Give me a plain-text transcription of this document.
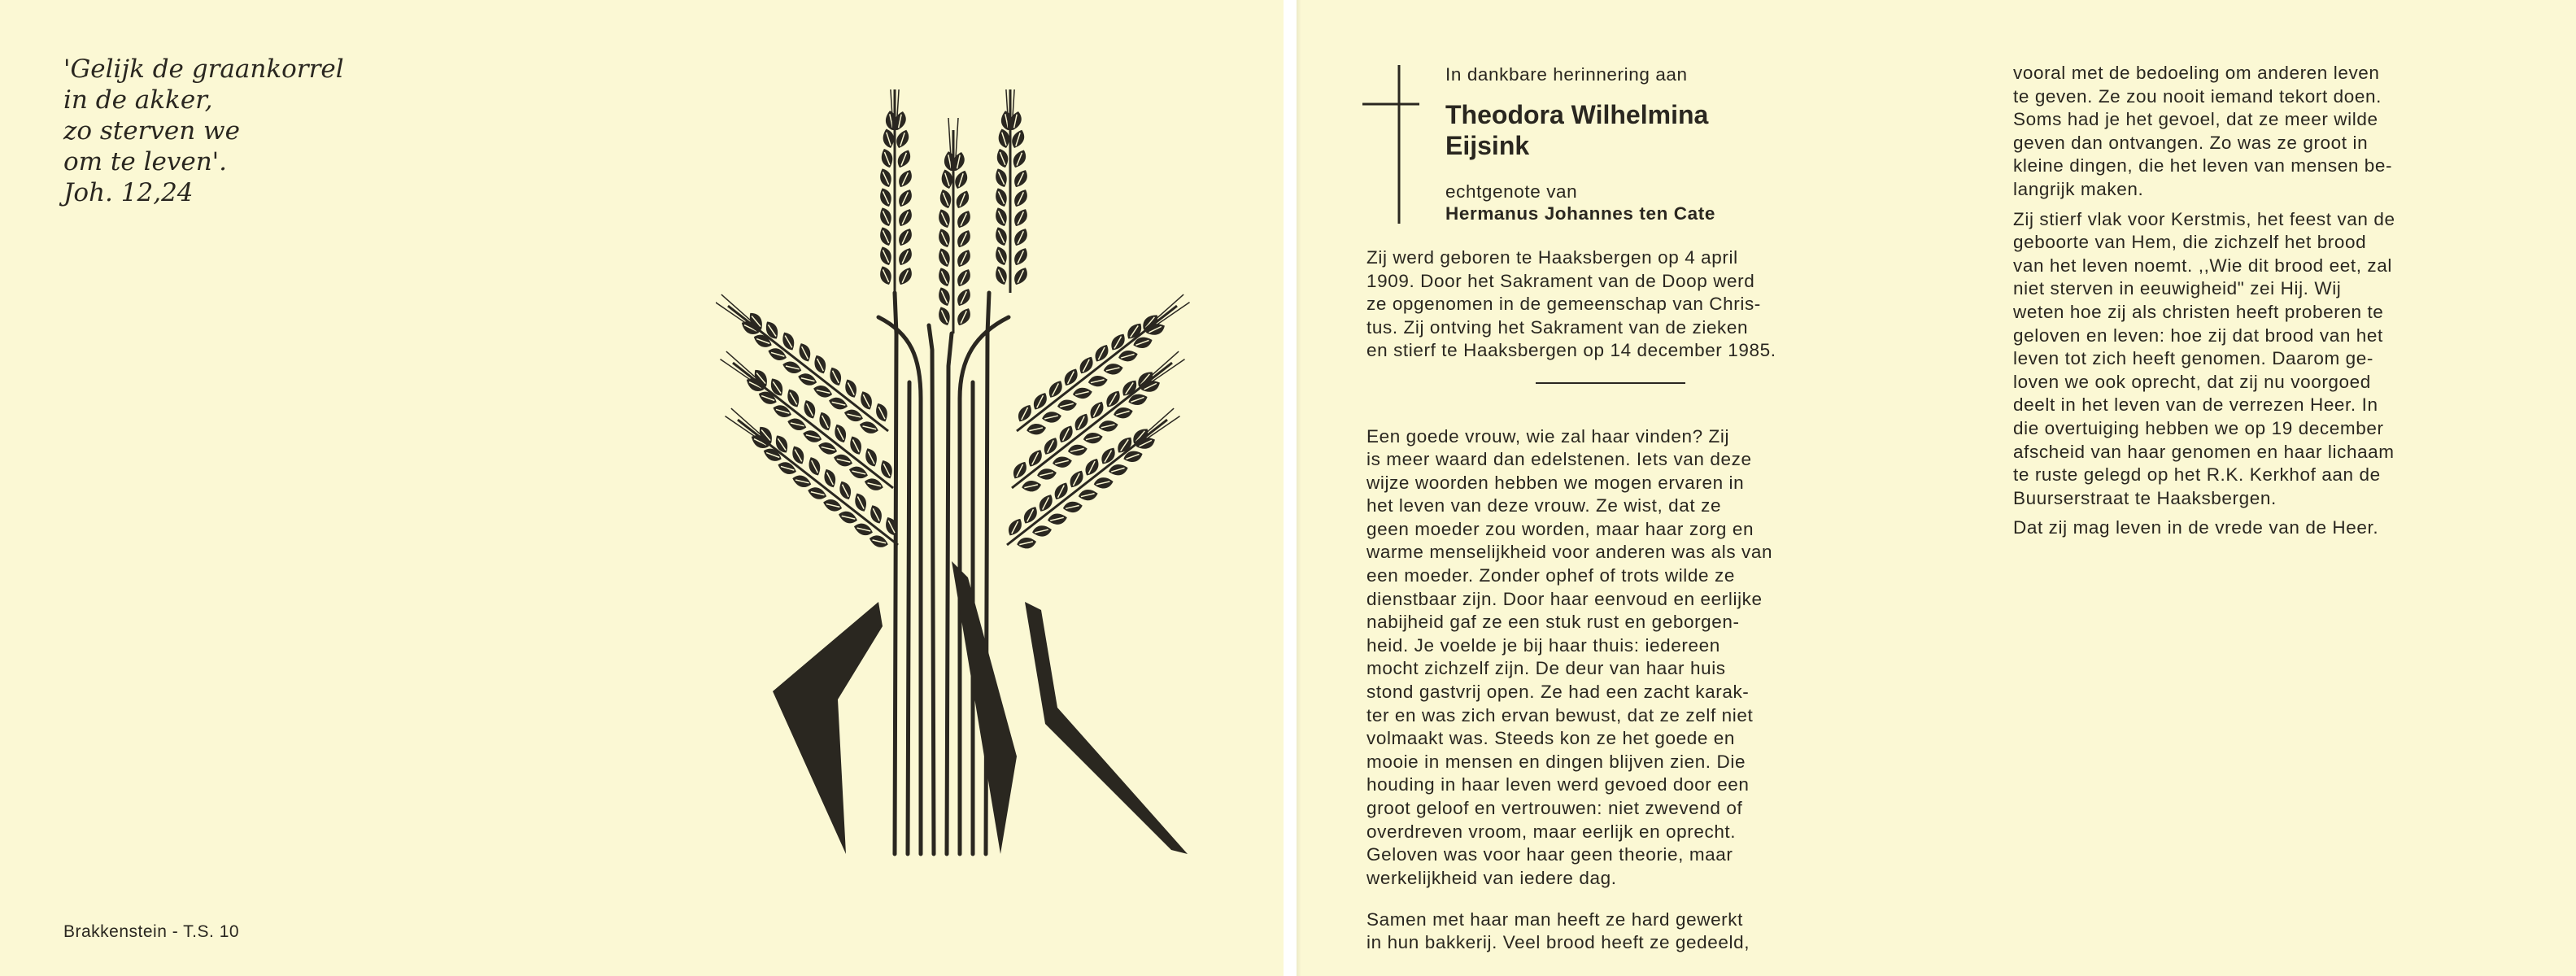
'Gelijk de graankorrel
in de akker,
zo sterven we
om te leven'.
Joh. 12,24
Brakkenstein - T.S. 10
In dankbare herinnering aan
Theodora Wilhelmina
Eijsink
echtgenote van
Hermanus Johannes ten Cate
Zij werd geboren te Haaksbergen op 4 april
1909. Door het Sakrament van de Doop werd
ze opgenomen in de gemeenschap van Chris-
tus. Zij ontving het Sakrament van de zieken
en stierf te Haaksbergen op 14 december 1985.

Een goede vrouw, wie zal haar vinden? Zij
is meer waard dan edelstenen. Iets van deze
wijze woorden hebben we mogen ervaren in
het leven van deze vrouw. Ze wist, dat ze
geen moeder zou worden, maar haar zorg en
warme menselijkheid voor anderen was als van
een moeder. Zonder ophef of trots wilde ze
dienstbaar zijn. Door haar eenvoud en eerlijke
nabijheid gaf ze een stuk rust en geborgen-
heid. Je voelde je bij haar thuis: iedereen
mocht zichzelf zijn. De deur van haar huis
stond gastvrij open. Ze had een zacht karak-
ter en was zich ervan bewust, dat ze zelf niet
volmaakt was. Steeds kon ze het goede en
mooie in mensen en dingen blijven zien. Die
houding in haar leven werd gevoed door een
groot geloof en vertrouwen: niet zwevend of
overdreven vroom, maar eerlijk en oprecht.
Geloven was voor haar geen theorie, maar
werkelijkheid van iedere dag.

Samen met haar man heeft ze hard gewerkt
in hun bakkerij. Veel brood heeft ze gedeeld,

vooral met de bedoeling om anderen leven
te geven. Ze zou nooit iemand tekort doen.
Soms had je het gevoel, dat ze meer wilde
geven dan ontvangen. Zo was ze groot in
kleine dingen, die het leven van mensen be-
langrijk maken.

Zij stierf vlak voor Kerstmis, het feest van de
geboorte van Hem, die zichzelf het brood
van het leven noemt. ,,Wie dit brood eet, zal
niet sterven in eeuwigheid" zei Hij. Wij
weten hoe zij als christen heeft proberen te
geloven en leven: hoe zij dat brood van het
leven tot zich heeft genomen. Daarom ge-
loven we ook oprecht, dat zij nu voorgoed
deelt in het leven van de verrezen Heer. In
die overtuiging hebben we op 19 december
afscheid van haar genomen en haar lichaam
te ruste gelegd op het R.K. Kerkhof aan de
Buurserstraat te Haaksbergen.

Dat zij mag leven in de vrede van de Heer.
